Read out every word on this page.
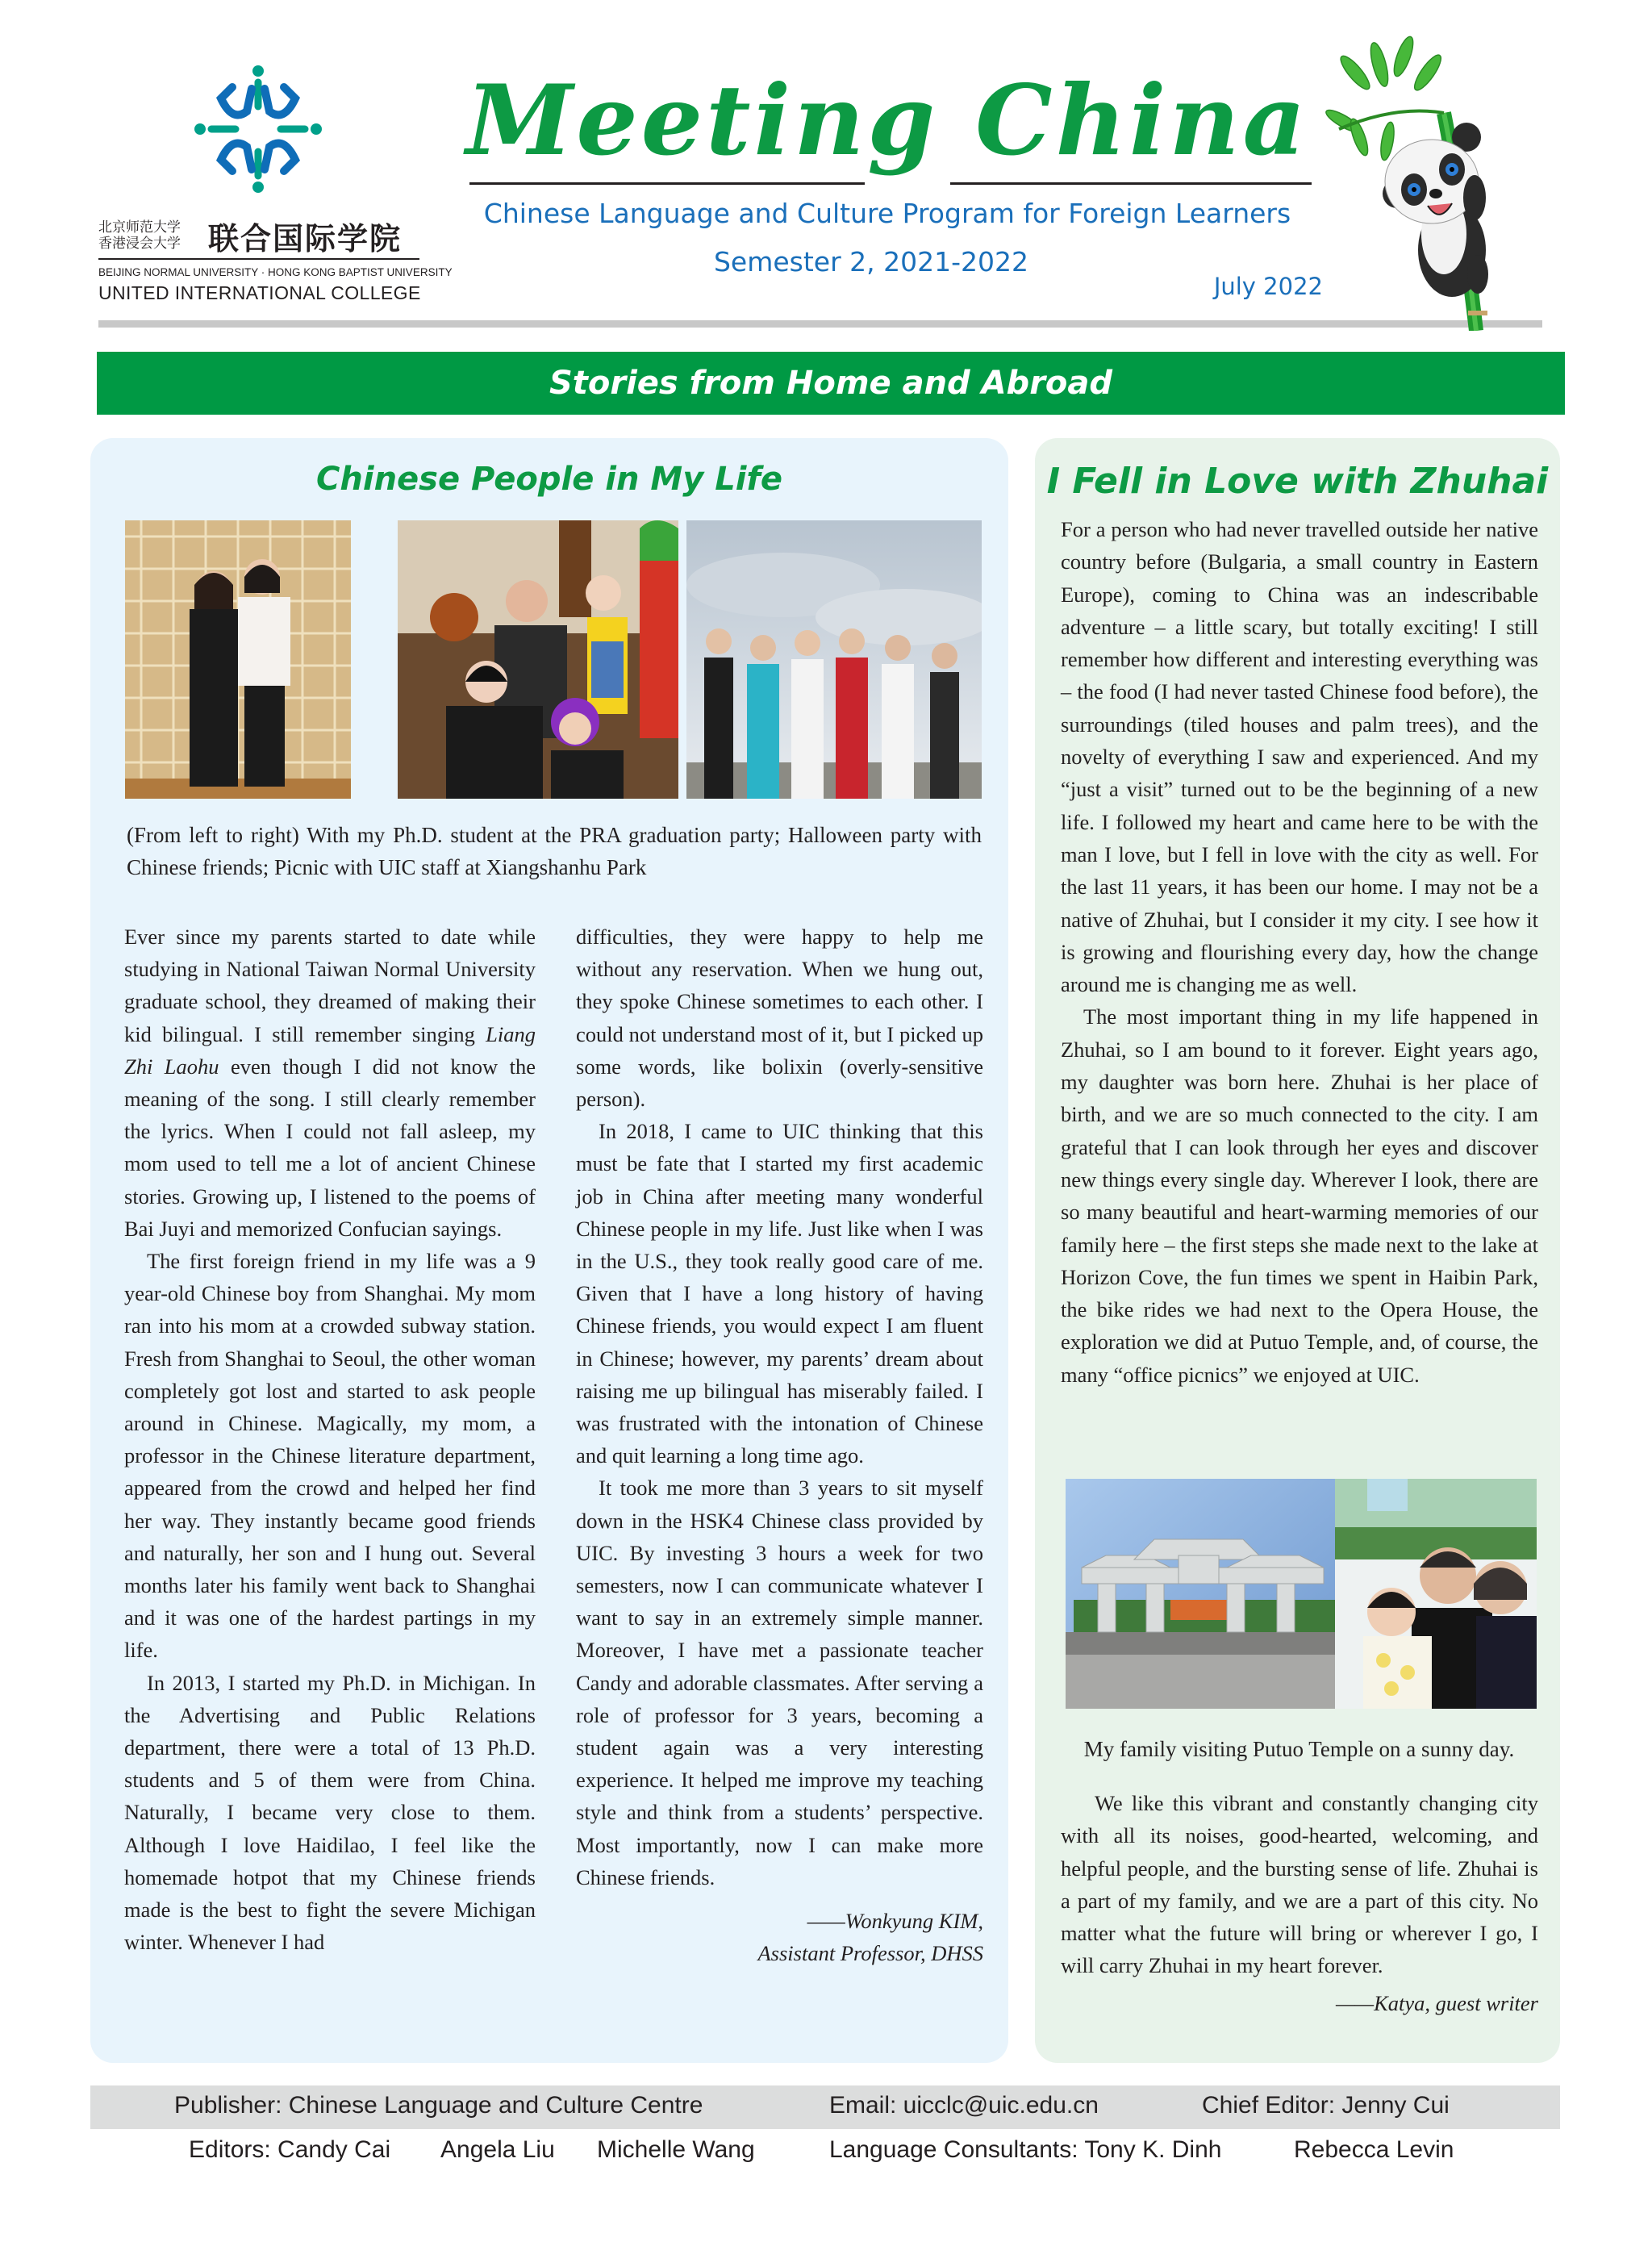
北京师范大学
香港浸会大学 联合国际学院
BEIJING NORMAL UNIVERSITY · HONG KONG BAPTIST UNIVERSITY
UNITED INTERNATIONAL COLLEGE
Meeting China
Chinese Language and Culture Program for Foreign Learners
Semester 2, 2021-2022
July 2022
Stories from Home and Abroad
Chinese People in My Life
(From left to right) With my Ph.D. student at the PRA graduation party; Halloween party with Chinese friends; Picnic with UIC staff at Xiangshanhu Park

Ever since my parents started to date while studying in National Taiwan Normal University graduate school, they dreamed of making their kid bilingual. I still remember singing Liang Zhi Laohu even though I did not know the meaning of the song. I still clearly remember the lyrics. When I could not fall asleep, my mom used to tell me a lot of ancient Chinese stories. Growing up, I listened to the poems of Bai Juyi and memorized Confucian sayings.

The first foreign friend in my life was a 9 year-old Chinese boy from Shanghai. My mom ran into his mom at a crowded subway station. Fresh from Shanghai to Seoul, the other woman completely got lost and started to ask people around in Chinese. Magically, my mom, a professor in the Chinese literature department, appeared from the crowd and helped her find her way. They instantly became good friends and naturally, her son and I hung out. Several months later his family went back to Shanghai and it was one of the hardest partings in my life.

In 2013, I started my Ph.D. in Michigan. In the Advertising and Public Relations department, there were a total of 13 Ph.D. students and 5 of them were from China. Naturally, I became very close to them. Although I love Haidilao, I feel like the homemade hotpot that my Chinese friends made is the best to fight the severe Michigan winter. Whenever I had

difficulties, they were happy to help me without any reservation. When we hung out, they spoke Chinese sometimes to each other. I could not understand most of it, but I picked up some words, like bolixin (overly-sensitive person).

In 2018, I came to UIC thinking that this must be fate that I started my first academic job in China after meeting many wonderful Chinese people in my life. Just like when I was in the U.S., they took really good care of me. Given that I have a long history of having Chinese friends, you would expect I am fluent in Chinese; however, my parents’ dream about raising me up bilingual has miserably failed. I was frustrated with the intonation of Chinese and quit learning a long time ago.

It took me more than 3 years to sit myself down in the HSK4 Chinese class provided by UIC. By investing 3 hours a week for two semesters, now I can communicate whatever I want to say in an extremely simple manner. Moreover, I have met a passionate teacher Candy and adorable classmates. After serving a role of professor for 3 years, becoming a student again was a very interesting experience. It helped me improve my teaching style and think from a students’ perspective. Most importantly, now I can make more Chinese friends.

——Wonkyung KIM,

Assistant Professor, DHSS

I Fell in Love with Zhuhai

For a person who had never travelled outside her native country before (Bulgaria, a small country in Eastern Europe), coming to China was an indescribable adventure – a little scary, but totally exciting! I still remember how different and interesting everything was – the food (I had never tasted Chinese food before), the surroundings (tiled houses and palm trees), and the novelty of everything I saw and experienced. And my “just a visit” turned out to be the beginning of a new life. I followed my heart and came here to be with the man I love, but I fell in love with the city as well. For the last 11 years, it has been our home. I may not be a native of Zhuhai, but I consider it my city. I see how it is growing and flourishing every day, how the change around me is changing me as well.

The most important thing in my life happened in Zhuhai, so I am bound to it forever. Eight years ago, my daughter was born here. Zhuhai is her place of birth, and we are so much connected to the city. I am grateful that I can look through her eyes and discover new things every single day. Wherever I look, there are so many beautiful and heart-warming memories of our family here – the first steps she made next to the lake at Horizon Cove, the fun times we spent in Haibin Park, the bike rides we had next to the Opera House, the exploration we did at Putuo Temple, and, of course, the many “office picnics” we enjoyed at UIC.

My family visiting Putuo Temple on a sunny day.

We like this vibrant and constantly changing city with all its noises, good-hearted, welcoming, and helpful people, and the bursting sense of life. Zhuhai is a part of my family, and we are a part of this city. No matter what the future will bring or wherever I go, I will carry Zhuhai in my heart forever.

——Katya, guest writer

Publisher: Chinese Language and Culture Centre	Email: uicclc@uic.edu.cn	Chief Editor: Jenny Cui
Editors: Candy Cai Angela Liu Michelle Wang	Language Consultants: Tony K. Dinh	Rebecca Levin
